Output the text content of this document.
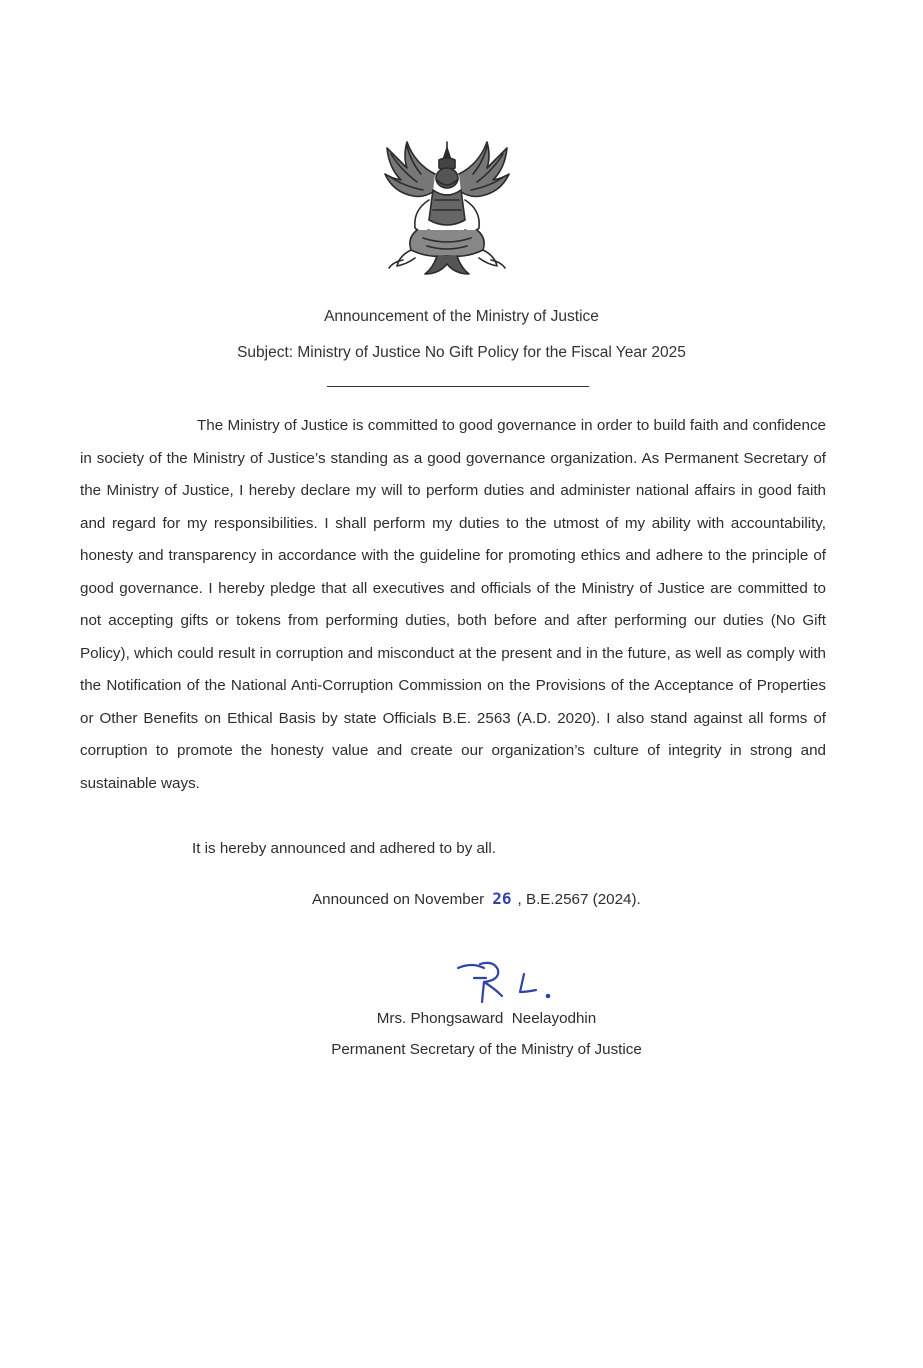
Announcement of the Ministry of Justice
Subject: Ministry of Justice No Gift Policy for the Fiscal Year 2025

The Ministry of Justice is committed to good governance in order to build faith and confidence in society of the Ministry of Justice’s standing as a good governance organization. As Permanent Secretary of the Ministry of Justice, I hereby declare my will to perform duties and administer national affairs in good faith and regard for my responsibilities. I shall perform my duties to the utmost of my ability with accountability, honesty and transparency in accordance with the guideline for promoting ethics and adhere to the principle of good governance. I hereby pledge that all executives and officials of the Ministry of Justice are committed to not accepting gifts or tokens from performing duties, both before and after performing our duties (No Gift Policy), which could result in corruption and misconduct at the present and in the future, as well as comply with the Notification of the National Anti-Corruption Commission on the Provisions of the Acceptance of Properties or Other Benefits on Ethical Basis by state Officials B.E. 2563 (A.D. 2020). I also stand against all forms of corruption to promote the honesty value and create our organization’s culture of integrity in strong and sustainable ways.

It is hereby announced and adhered to by all.
Announced on November 26 , B.E.2567 (2024).
Mrs. Phongsaward  Neelayodhin
Permanent Secretary of the Ministry of Justice
